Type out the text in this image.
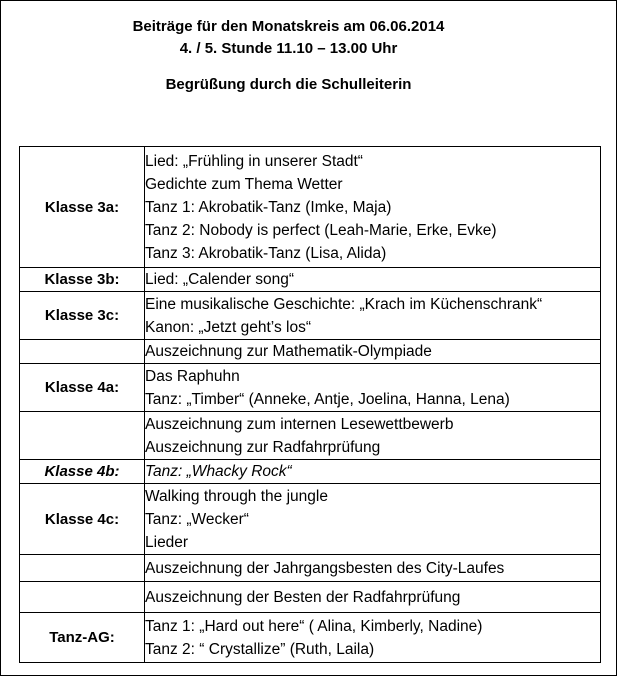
Beiträge für den Monatskreis am 06.06.2014
4. / 5. Stunde 11.10 – 13.00 Uhr
Begrüßung durch die Schulleiterin
Klasse 3a:	Lied: „Frühling in unserer Stadt“
Gedichte zum Thema Wetter
Tanz 1: Akrobatik-Tanz (Imke, Maja)
Tanz 2: Nobody is perfect (Leah-Marie, Erke, Evke)
Tanz 3: Akrobatik-Tanz (Lisa, Alida)

Klasse 3b:	Lied: „Calender song“

Klasse 3c:	Eine musikalische Geschichte: „Krach im Küchenschrank“
Kanon: „Jetzt geht’s los“

	Auszeichnung zur Mathematik-Olympiade

Klasse 4a:	Das Raphuhn
Tanz: „Timber“ (Anneke, Antje, Joelina, Hanna, Lena)

	Auszeichnung zum internen Lesewettbewerb
Auszeichnung zur Radfahrprüfung

Klasse 4b:	Tanz: „Whacky Rock“

Klasse 4c:	Walking through the jungle
Tanz: „Wecker“
Lieder

	Auszeichnung der Jahrgangsbesten des City-Laufes

	Auszeichnung der Besten der Radfahrprüfung

Tanz-AG:	Tanz 1: „Hard out here“ ( Alina, Kimberly, Nadine)
Tanz 2: “ Crystallize” (Ruth, Laila)
